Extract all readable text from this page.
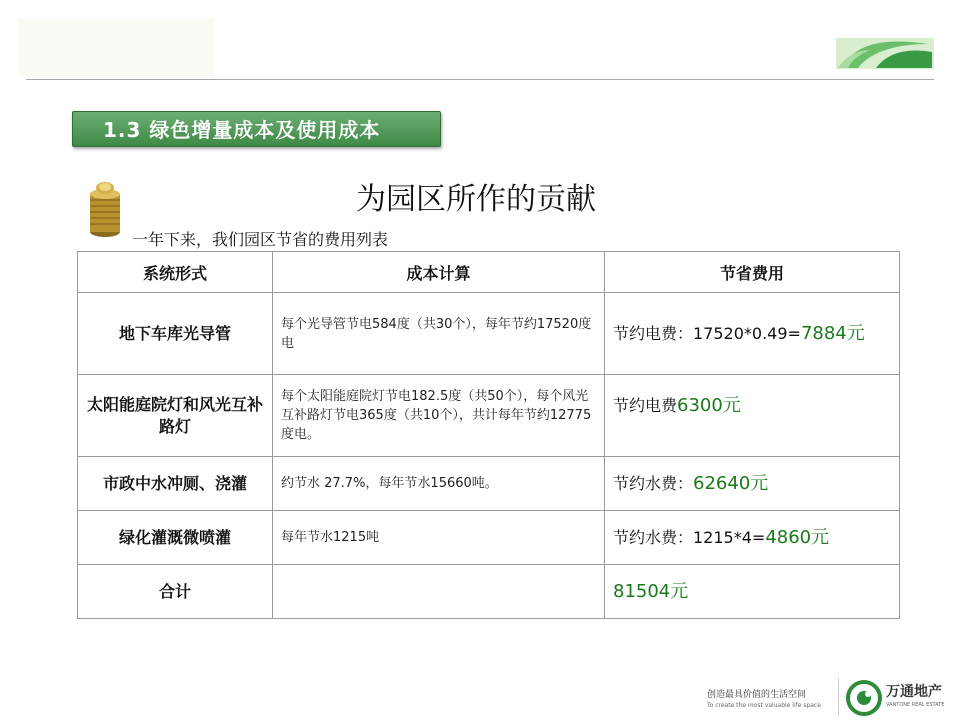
1.3 绿色增量成本及使用成本
为园区所作的贡献
一年下来，我们园区节省的费用列表
系统形式	成本计算	节省费用
地下车库光导管	每个光导管节电584度（共30个），每年节约17520度电	节约电费：17520*0.49=7884元
太阳能庭院灯和风光互补路灯	每个太阳能庭院灯节电182.5度（共50个），每个风光互补路灯节电365度（共10个），共计每年节约12775度电。	节约电费6300元
市政中水冲厕、浇灌	约节水 27.7%，每年节水15660吨。	节约水费：62640元
绿化灌溉微喷灌	每年节水1215吨	节约水费：1215*4=4860元
合计		81504元
创造最具价值的生活空间
To create the most valuable life space
万通地产
VANTONE REAL ESTATE
